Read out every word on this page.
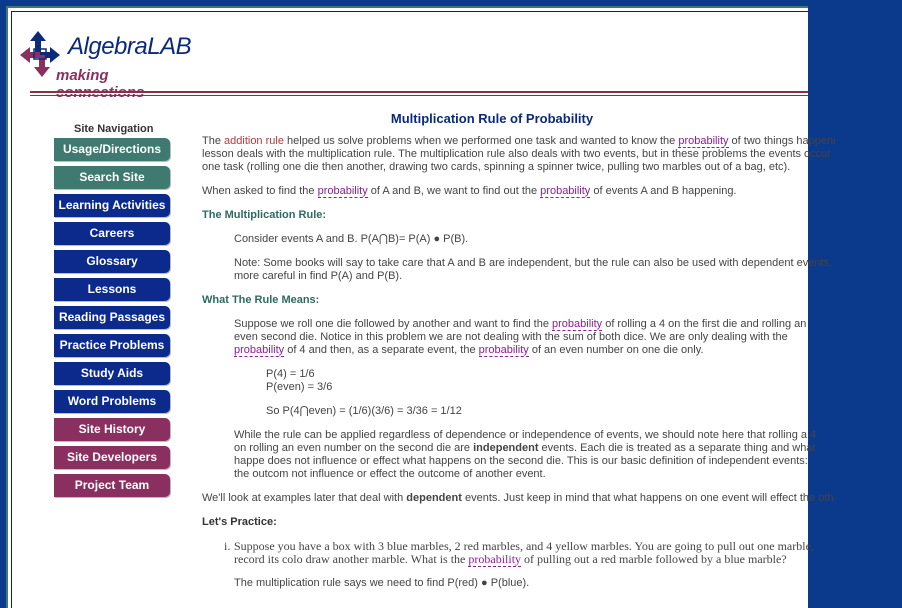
AlgebraLAB
making
Site Navigation
Usage/Directions
Search Site
Learning Activities
Careers
Glossary
Lessons
Reading Passages
Practice Problems
Study Aids
Word Problems
Site History
Site Developers
Project Team
Multiplication Rule of Probability

The addition rule helped us solve problems when we performed one task and wanted to know the probability of two things happeni lesson deals with the multiplication rule. The multiplication rule also deals with two events, but in these problems the events occur one task (rolling one die then another, drawing two cards, spinning a spinner twice, pulling two marbles out of a bag, etc).

When asked to find the probability of A and B, we want to find out the probability of events A and B happening.

The Multiplication Rule:

Consider events A and B. P(A⋂B)= P(A) ● P(B).

Note: Some books will say to take care that A and B are independent, but the rule can also be used with dependent events, more careful in find P(A) and P(B).

What The Rule Means:

Suppose we roll one die followed by another and want to find the probability of rolling a 4 on the first die and rolling an even second die. Notice in this problem we are not dealing with the sum of both dice. We are only dealing with the probability of 4 and then, as a separate event, the probability of an even number on one die only.

P(4) = 1/6

P(even) = 3/6

So P(4⋂even) = (1/6)(3/6) = 3/36 = 1/12

While the rule can be applied regardless of dependence or independence of events, we should note here that rolling a 4 on rolling an even number on the second die are independent events. Each die is treated as a separate thing and what happe does not influence or effect what happens on the second die. This is our basic definition of independent events: the outcom not influence or effect the outcome of another event.

We'll look at examples later that deal with dependent events. Just keep in mind that what happens on one event will effect the oth

Let's Practice:

i. Suppose you have a box with 3 blue marbles, 2 red marbles, and 4 yellow marbles. You are going to pull out one marble, record its colo draw another marble. What is the probability of pulling out a red marble followed by a blue marble?

The multiplication rule says we need to find P(red) ● P(blue).
